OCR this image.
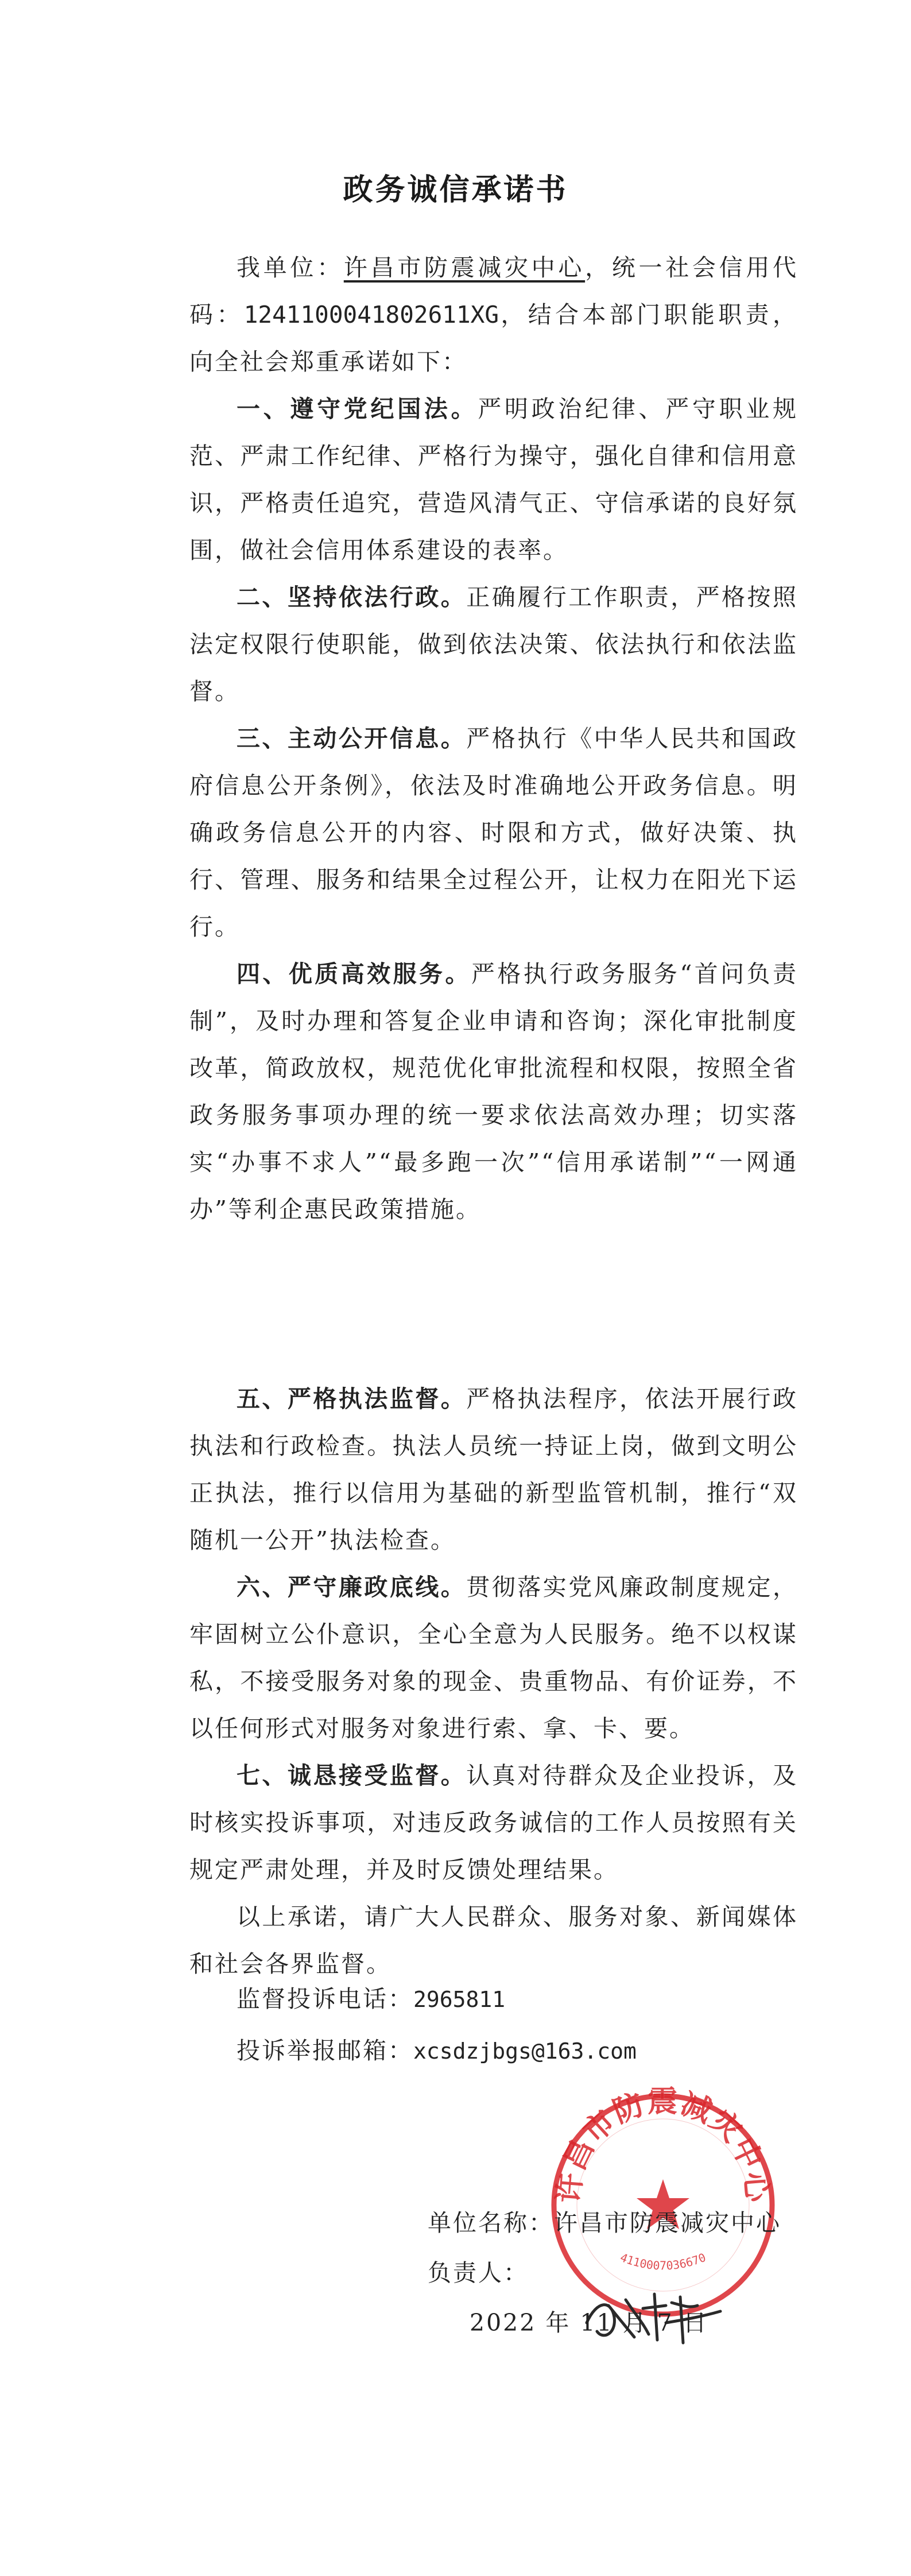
政务诚信承诺书

我单位：许昌市防震减灾中心，统一社会信用代码：1241100041802611XG，结合本部门职能职责，向全社会郑重承诺如下：

一、遵守党纪国法。严明政治纪律、严守职业规范、严肃工作纪律、严格行为操守，强化自律和信用意识，严格责任追究，营造风清气正、守信承诺的良好氛围，做社会信用体系建设的表率。

二、坚持依法行政。正确履行工作职责，严格按照法定权限行使职能，做到依法决策、依法执行和依法监督。

三、主动公开信息。严格执行《中华人民共和国政府信息公开条例》，依法及时准确地公开政务信息。明确政务信息公开的内容、时限和方式，做好决策、执行、管理、服务和结果全过程公开，让权力在阳光下运行。

四、优质高效服务。严格执行政务服务“首问负责制”，及时办理和答复企业申请和咨询；深化审批制度改革，简政放权，规范优化审批流程和权限，按照全省政务服务事项办理的统一要求依法高效办理；切实落实“办事不求人”“最多跑一次”“信用承诺制”“一网通办”等利企惠民政策措施。

五、严格执法监督。严格执法程序，依法开展行政执法和行政检查。执法人员统一持证上岗，做到文明公正执法，推行以信用为基础的新型监管机制，推行“双随机一公开”执法检查。

六、严守廉政底线。贯彻落实党风廉政制度规定，牢固树立公仆意识，全心全意为人民服务。绝不以权谋私，不接受服务对象的现金、贵重物品、有价证券，不以任何形式对服务对象进行索、拿、卡、要。

七、诚恳接受监督。认真对待群众及企业投诉，及时核实投诉事项，对违反政务诚信的工作人员按照有关规定严肃处理，并及时反馈处理结果。

以上承诺，请广大人民群众、服务对象、新闻媒体和社会各界监督。

监督投诉电话：2965811
投诉举报邮箱：xcsdzjbgs@163.com
许昌市防震减灾中心
4110007036670
单位名称：许昌市防震减灾中心
负责人：
2022 年 11 月 7 日
